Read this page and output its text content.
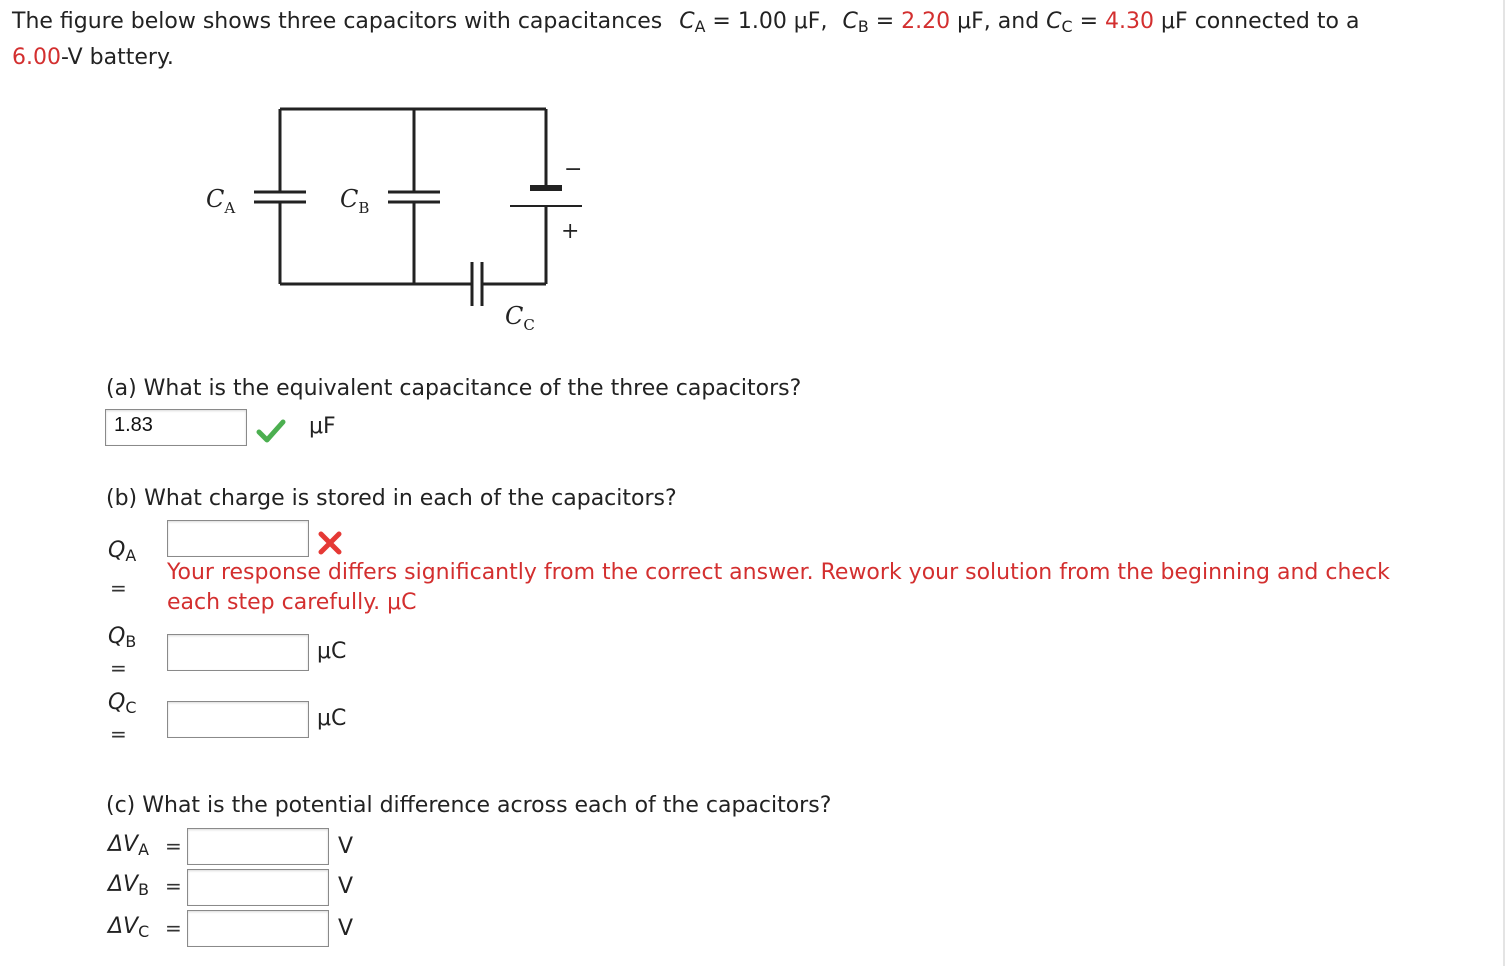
The figure below shows three capacitors with capacitances $C_A = 1.00$ μF, $C_B = 2.20$ μF, and $C_C = 4.30$ μF connected to a
6.00-V battery.
$C_A$	$C_B$
$C_C$
−
+
(a) What is the equivalent capacitance of the three capacitors?
1.83	μF
(b) What charge is stored in each of the capacitors?
$Q_A$
=
Your response differs significantly from the correct answer. Rework your solution from the beginning and check
each step carefully. μC
$Q_B$
=
μC
$Q_C$
=
μC
(c) What is the potential difference across each of the capacitors?
$\Delta V_A$ =	V
$\Delta V_B$ =	V
$\Delta V_C$ =	V
